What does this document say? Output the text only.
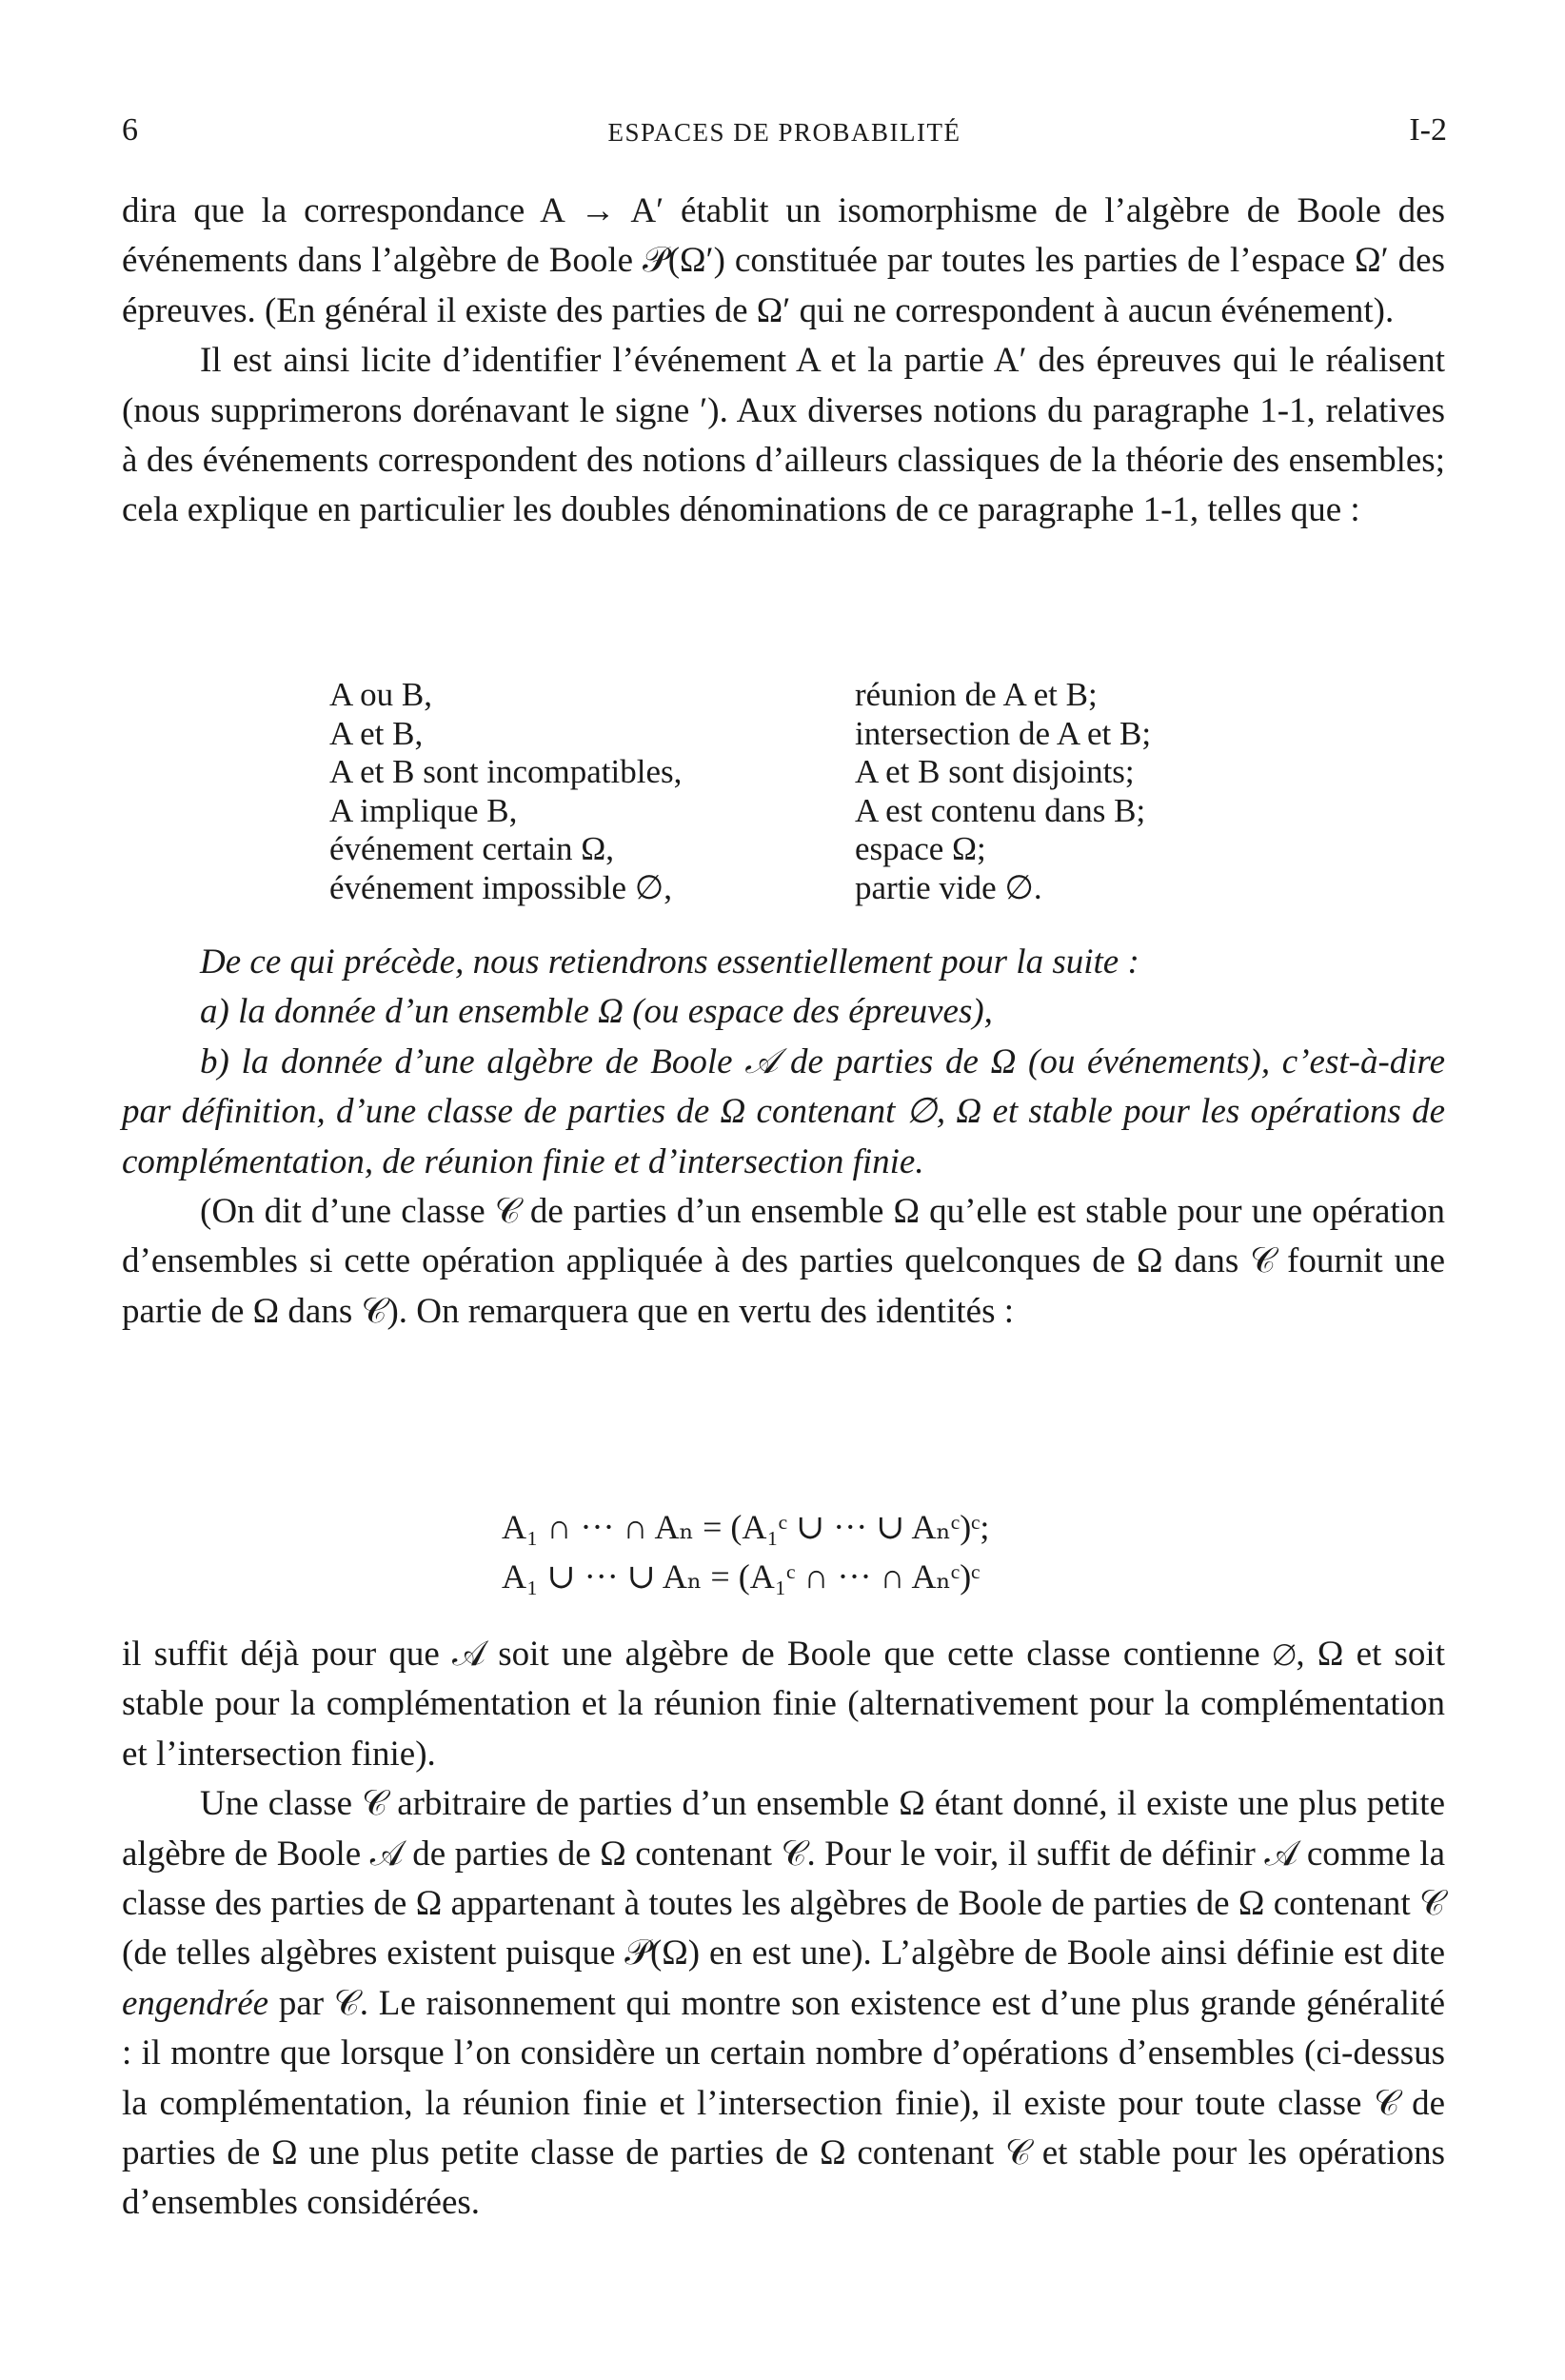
6	ESPACES DE PROBABILITÉ	I-2

dira que la correspondance A → A′ établit un isomorphisme de l’algèbre de Boole des événements dans l’algèbre de Boole 𝒫(Ω′) constituée par toutes les parties de l’espace Ω′ des épreuves. (En général il existe des parties de Ω′ qui ne correspondent à aucun événement).

Il est ainsi licite d’identifier l’événement A et la partie A′ des épreuves qui le réalisent (nous supprimerons dorénavant le signe ′). Aux diverses notions du paragraphe 1-1, relatives à des événements correspondent des notions d’ailleurs classiques de la théorie des ensembles; cela explique en particulier les doubles dénominations de ce paragraphe 1-1, telles que :

A ou B,	réunion de A et B;
A et B,	intersection de A et B;
A et B sont incompatibles,	A et B sont disjoints;
A implique B,	A est contenu dans B;
événement certain Ω,	espace Ω;
événement impossible ∅,	partie vide ∅.

De ce qui précède, nous retiendrons essentiellement pour la suite :

a) la donnée d’un ensemble Ω (ou espace des épreuves),

b) la donnée d’une algèbre de Boole 𝒜 de parties de Ω (ou événements), c’est-à-dire par définition, d’une classe de parties de Ω contenant ∅, Ω et stable pour les opérations de complémentation, de réunion finie et d’intersection finie.

(On dit d’une classe 𝒞 de parties d’un ensemble Ω qu’elle est stable pour une opération d’ensembles si cette opération appliquée à des parties quelconques de Ω dans 𝒞 fournit une partie de Ω dans 𝒞). On remarquera que en vertu des identités :

A₁ ∩ ··· ∩ Aₙ = (A₁ᶜ ∪ ··· ∪ Aₙᶜ)ᶜ;
A₁ ∪ ··· ∪ Aₙ = (A₁ᶜ ∩ ··· ∩ Aₙᶜ)ᶜ

il suffit déjà pour que 𝒜 soit une algèbre de Boole que cette classe contienne ∅, Ω et soit stable pour la complémentation et la réunion finie (alternativement pour la complémentation et l’intersection finie).

Une classe 𝒞 arbitraire de parties d’un ensemble Ω étant donné, il existe une plus petite algèbre de Boole 𝒜 de parties de Ω contenant 𝒞. Pour le voir, il suffit de définir 𝒜 comme la classe des parties de Ω appartenant à toutes les algèbres de Boole de parties de Ω contenant 𝒞 (de telles algèbres existent puisque 𝒫(Ω) en est une). L’algèbre de Boole ainsi définie est dite engendrée par 𝒞. Le raisonnement qui montre son existence est d’une plus grande généralité : il montre que lorsque l’on considère un certain nombre d’opérations d’ensembles (ci-dessus la complémentation, la réunion finie et l’intersection finie), il existe pour toute classe 𝒞 de parties de Ω une plus petite classe de parties de Ω contenant 𝒞 et stable pour les opérations d’ensembles considérées.
